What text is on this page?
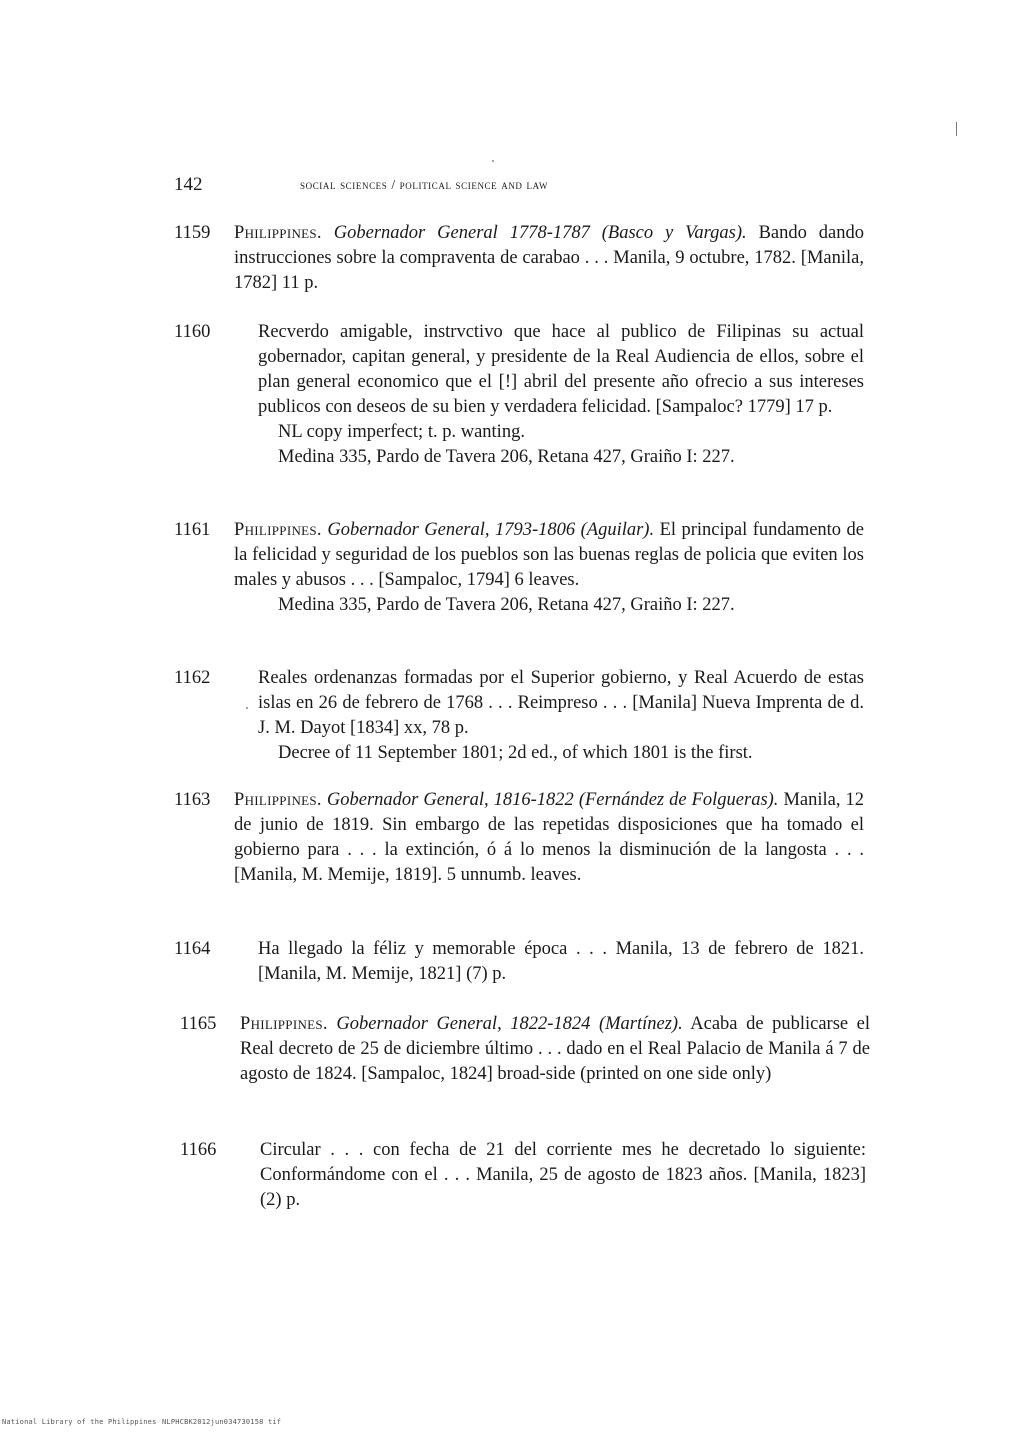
142	social sciences / political science and law
1159	Philippines. Gobernador General 1778-1787 (Basco y Vargas). Bando dando instrucciones sobre la compraventa de carabao . . . Manila, 9 octubre, 1782. [Manila, 1782] 11 p.
1160	Recverdo amigable, instrvctivo que hace al publico de Filipinas su actual gobernador, capitan general, y presidente de la Real Audiencia de ellos, sobre el plan general economico que el [!] abril del presente año ofrecio a sus intereses publicos con deseos de su bien y verdadera felicidad. [Sampaloc? 1779] 17 p.
NL copy imperfect; t. p. wanting.
Medina 335, Pardo de Tavera 206, Retana 427, Graiño I: 227.
1161	Philippines. Gobernador General, 1793-1806 (Aguilar). El principal fundamento de la felicidad y seguridad de los pueblos son las buenas reglas de policia que eviten los males y abusos . . . [Sampaloc, 1794] 6 leaves.
Medina 335, Pardo de Tavera 206, Retana 427, Graiño I: 227.
1162	Reales ordenanzas formadas por el Superior gobierno, y Real Acuerdo de estas islas en 26 de febrero de 1768 . . . Reimpreso . . . [Manila] Nueva Imprenta de d. J. M. Dayot [1834] xx, 78 p.
Decree of 11 September 1801; 2d ed., of which 1801 is the first.
1163	Philippines. Gobernador General, 1816-1822 (Fernández de Folgueras). Manila, 12 de junio de 1819. Sin embargo de las repetidas disposiciones que ha tomado el gobierno para . . . la extinción, ó á lo menos la disminución de la langosta . . . [Manila, M. Memije, 1819]. 5 unnumb. leaves.
1164	Ha llegado la féliz y memorable época . . . Manila, 13 de febrero de 1821. [Manila, M. Memije, 1821] (7) p.
1165	Philippines. Gobernador General, 1822-1824 (Martínez). Acaba de publicarse el Real decreto de 25 de diciembre último . . . dado en el Real Palacio de Manila á 7 de agosto de 1824. [Sampaloc, 1824] broad-side (printed on one side only)
1166	Circular . . . con fecha de 21 del corriente mes he decretado lo siguiente: Conformándome con el . . . Manila, 25 de agosto de 1823 años. [Manila, 1823] (2) p.
National Library of the Philippines NLPHCBK2012jun034730158 tif
